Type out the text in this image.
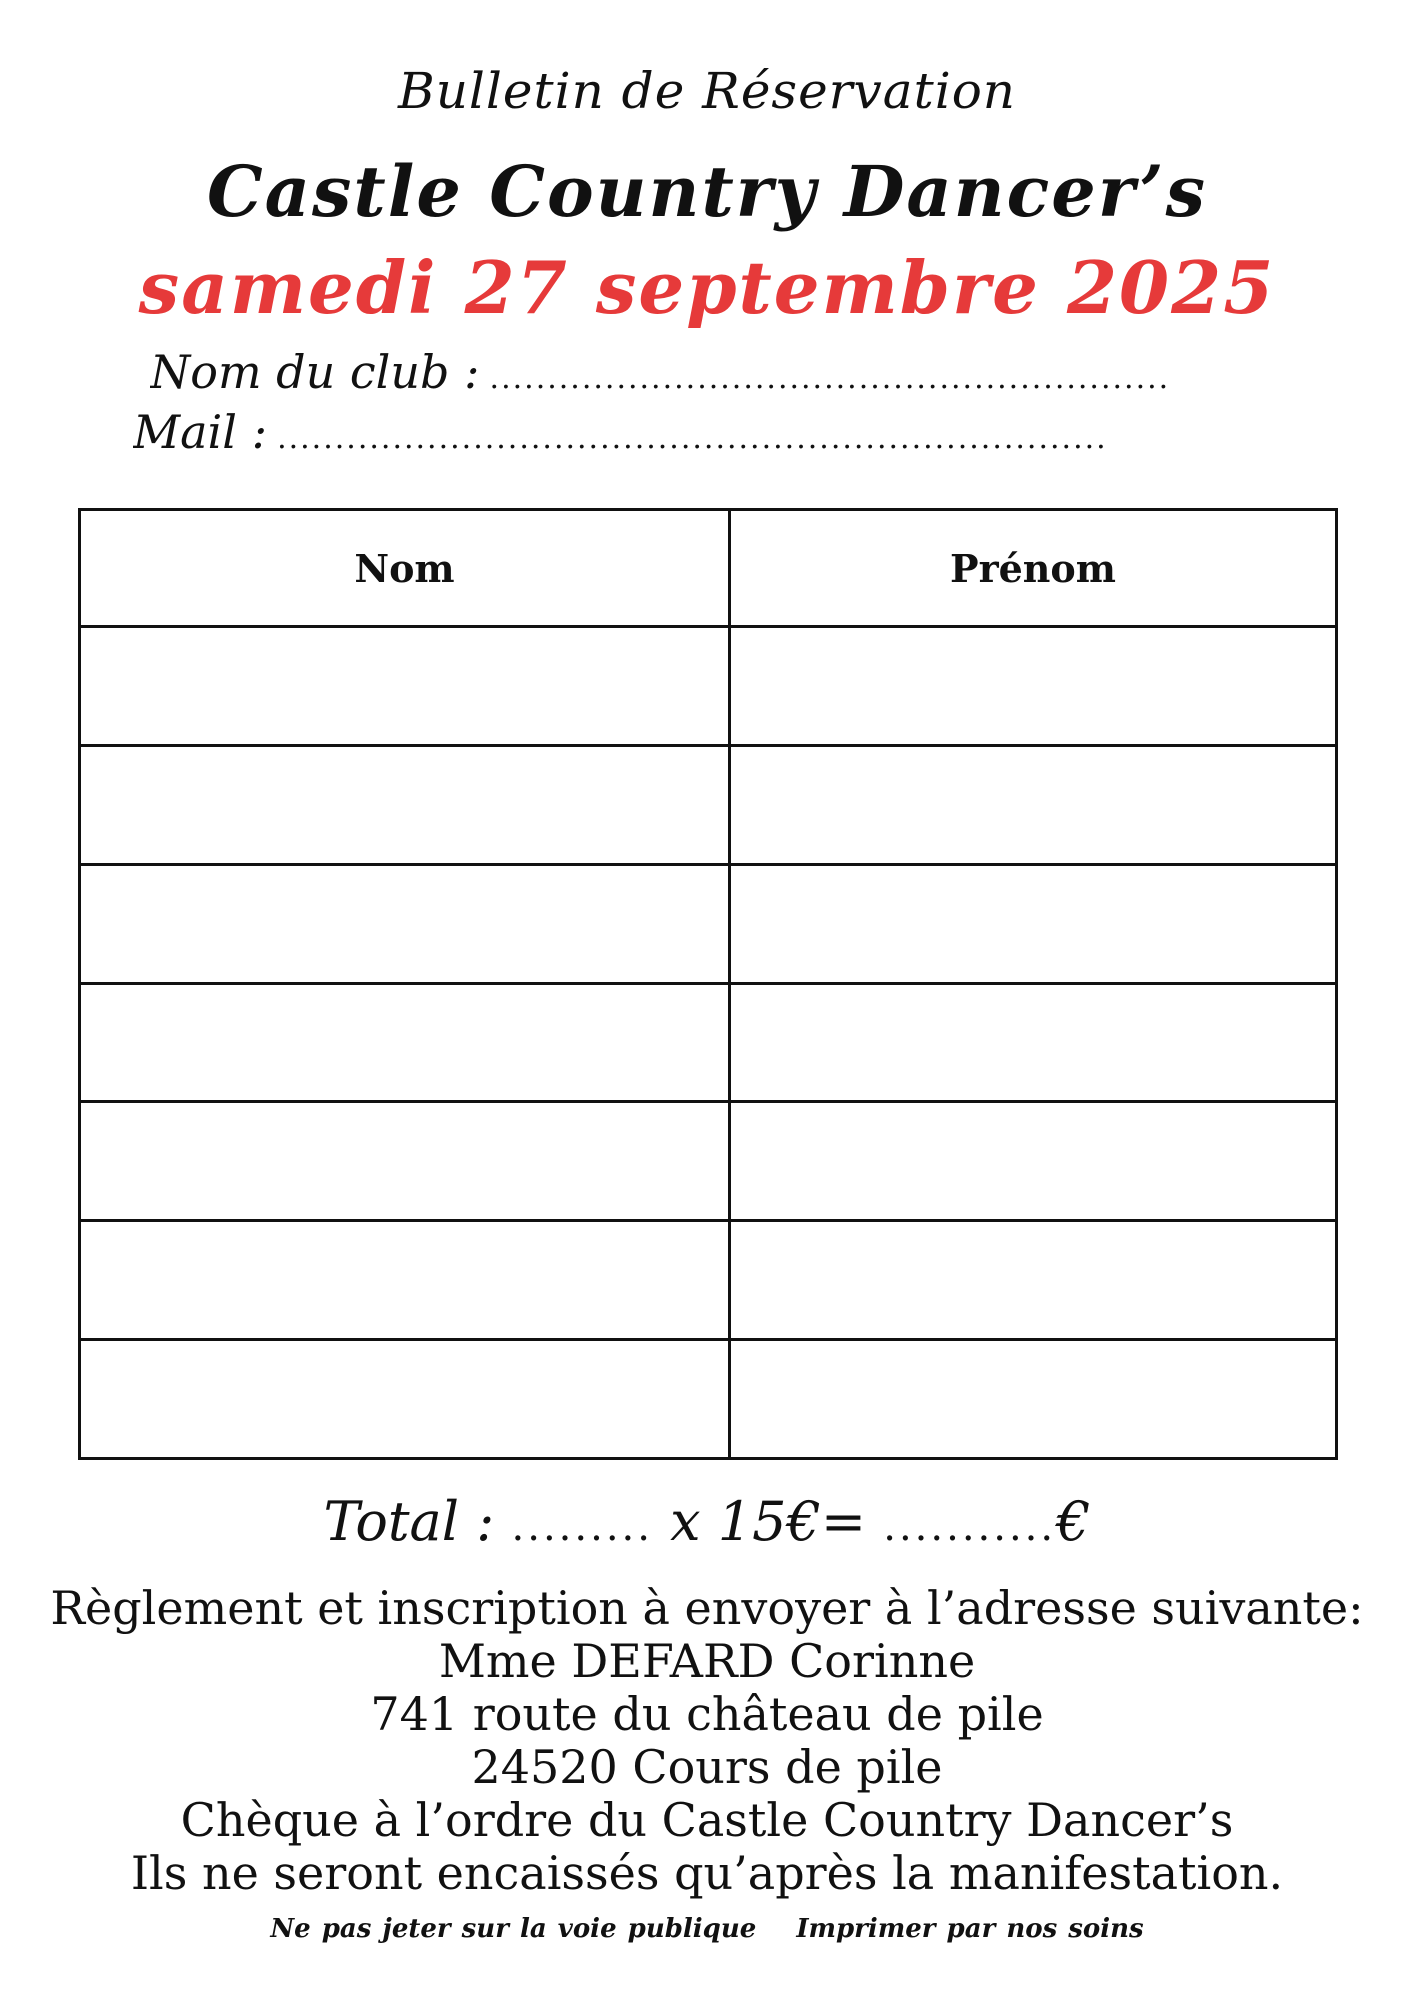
Bulletin de Réservation
Castle Country Dancer’s
samedi 27 septembre 2025
Nom du club : ...........................................................
Mail : ........................................................................
Nom	Prénom

Total : ......... x 15€= ...........€
Règlement et inscription à envoyer à l’adresse suivante:
Mme DEFARD Corinne
741 route du château de pile
24520 Cours de pile
Chèque à l’ordre du Castle Country Dancer’s
Ils ne seront encaissés qu’après la manifestation.
Ne pas jeter sur la voie publique Imprimer par nos soins
